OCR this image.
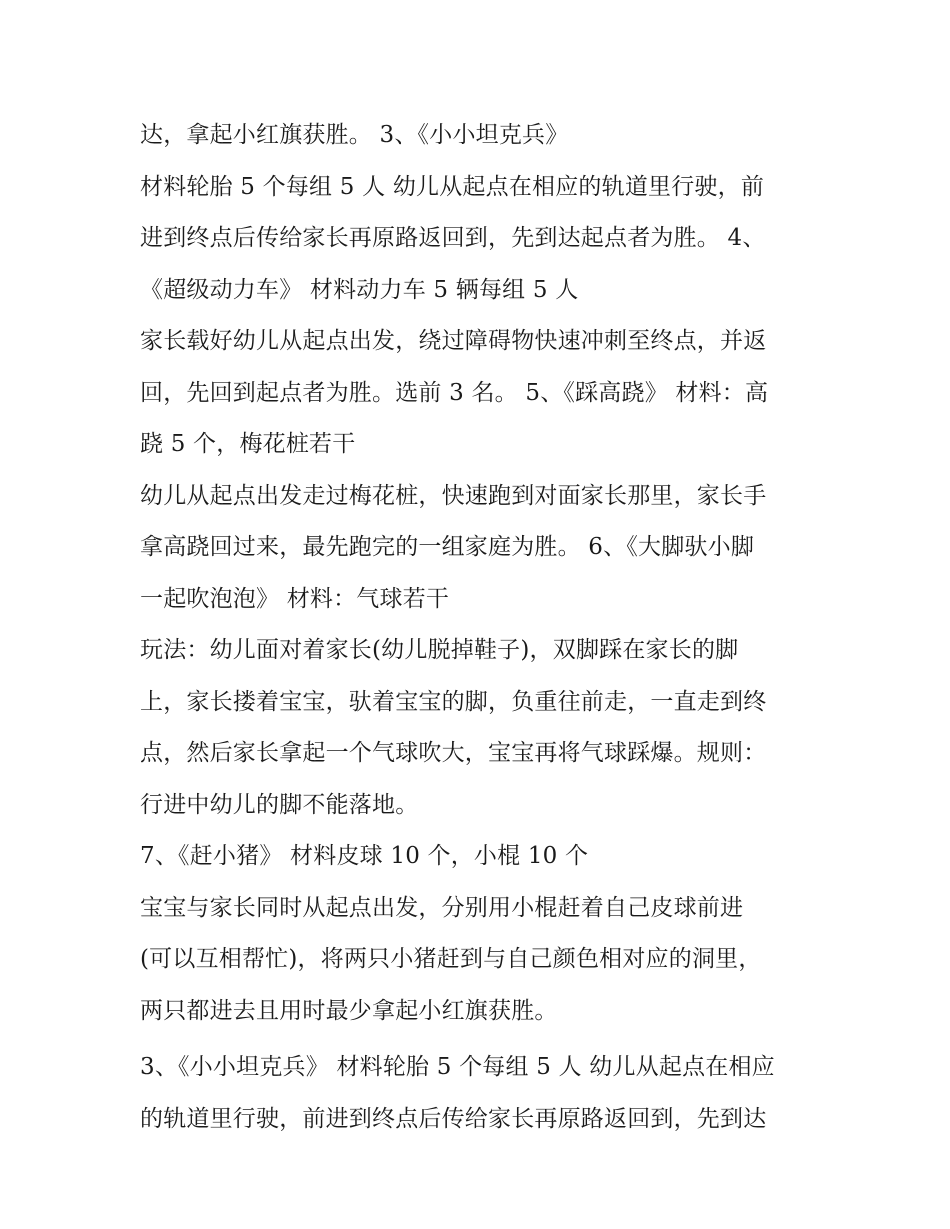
达，拿起小红旗获胜。 3、《小小坦克兵》
材料轮胎 5 个每组 5 人 幼儿从起点在相应的轨道里行驶，前
进到终点后传给家长再原路返回到，先到达起点者为胜。 4、
《超级动力车》 材料动力车 5 辆每组 5 人
家长载好幼儿从起点出发，绕过障碍物快速冲刺至终点，并返
回，先回到起点者为胜。选前 3 名。 5、《踩高跷》 材料：高
跷 5 个，梅花桩若干
幼儿从起点出发走过梅花桩，快速跑到对面家长那里，家长手
拿高跷回过来，最先跑完的一组家庭为胜。 6、《大脚驮小脚
一起吹泡泡》 材料：气球若干
玩法：幼儿面对着家长(幼儿脱掉鞋子)，双脚踩在家长的脚
上，家长搂着宝宝，驮着宝宝的脚，负重往前走，一直走到终
点，然后家长拿起一个气球吹大，宝宝再将气球踩爆。规则：
行进中幼儿的脚不能落地。
7、《赶小猪》 材料皮球 10 个，小棍 10 个
宝宝与家长同时从起点出发，分别用小棍赶着自己皮球前进
(可以互相帮忙)，将两只小猪赶到与自己颜色相对应的洞里，
两只都进去且用时最少拿起小红旗获胜。
3、《小小坦克兵》 材料轮胎 5 个每组 5 人 幼儿从起点在相应
的轨道里行驶，前进到终点后传给家长再原路返回到，先到达
